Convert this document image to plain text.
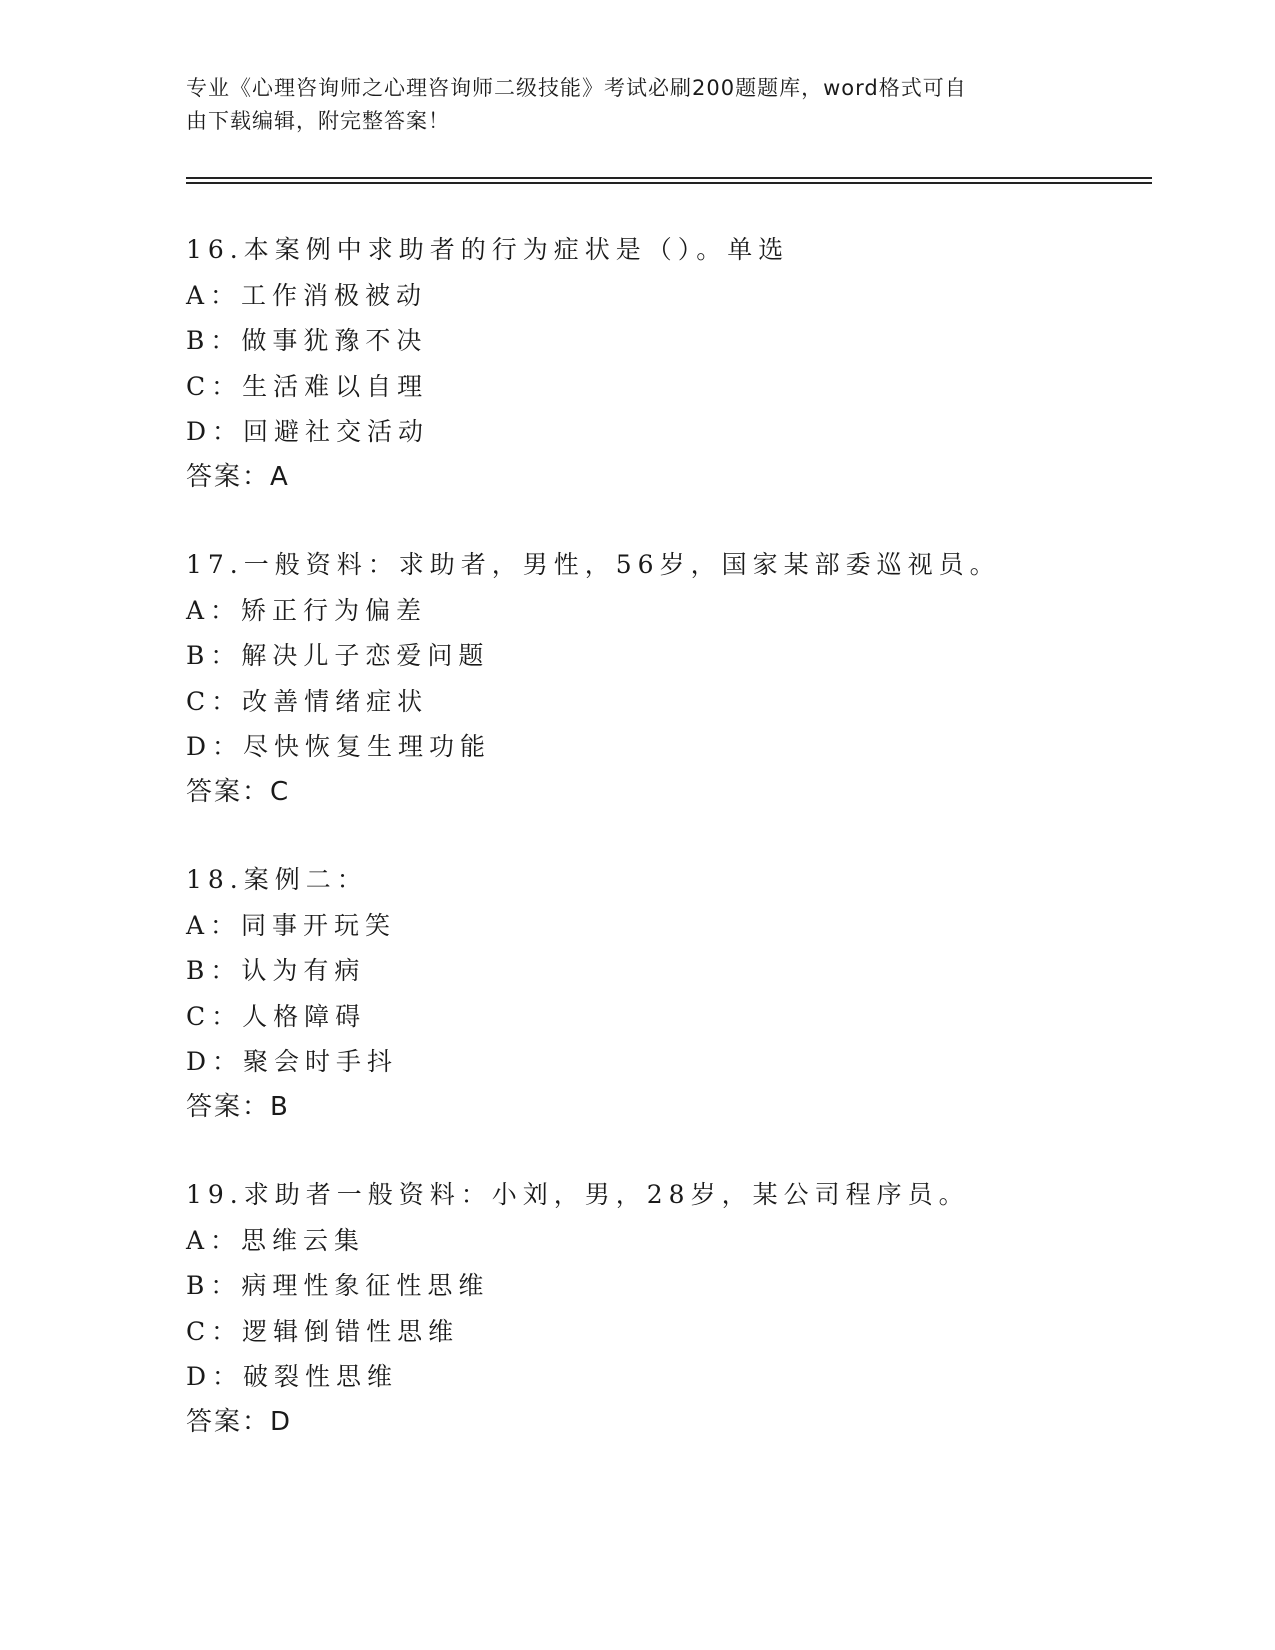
专业《心理咨询师之心理咨询师二级技能》考试必刷200题题库，word格式可自
由下载编辑，附完整答案！
16.本案例中求助者的行为症状是（）。单选
A：工作消极被动
B：做事犹豫不决
C：生活难以自理
D：回避社交活动
答案：A
17.一般资料：求助者，男性，56岁，国家某部委巡视员。
A：矫正行为偏差
B：解决儿子恋爱问题
C：改善情绪症状
D：尽快恢复生理功能
答案：C
18.案例二：
A：同事开玩笑
B：认为有病
C：人格障碍
D：聚会时手抖
答案：B
19.求助者一般资料：小刘，男，28岁，某公司程序员。
A：思维云集
B：病理性象征性思维
C：逻辑倒错性思维
D：破裂性思维
答案：D
